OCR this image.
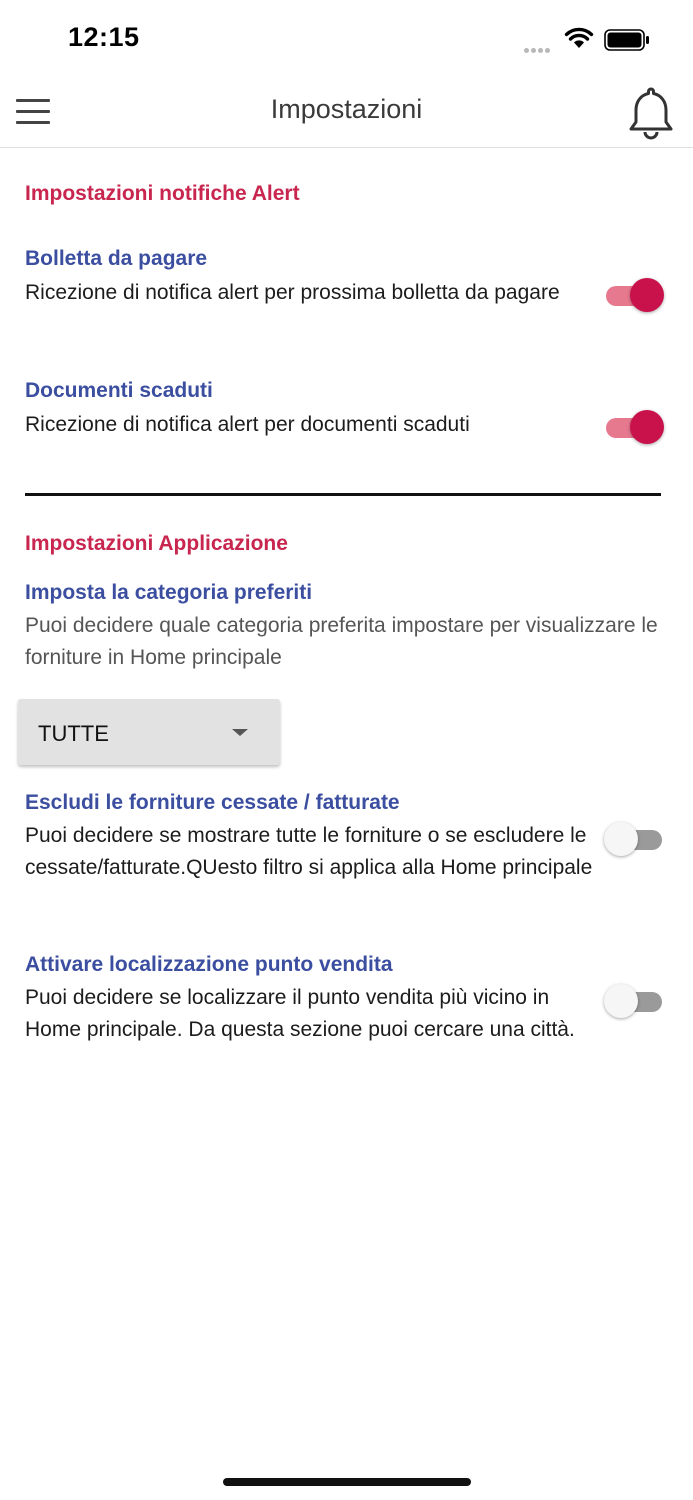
12:15
Impostazioni
Impostazioni notifiche Alert
Bolletta da pagare
Ricezione di notifica alert per prossima bolletta da pagare
Documenti scaduti
Ricezione di notifica alert per documenti scaduti
Impostazioni Applicazione
Imposta la categoria preferiti
Puoi decidere quale categoria preferita impostare per visualizzare le forniture in Home principale
TUTTE
Escludi le forniture cessate / fatturate
Puoi decidere se mostrare tutte le forniture o se escludere le cessate/fatturate.QUesto filtro si applica alla Home principale
Attivare localizzazione punto vendita
Puoi decidere se localizzare il punto vendita più vicino in Home principale. Da questa sezione puoi cercare una città.
